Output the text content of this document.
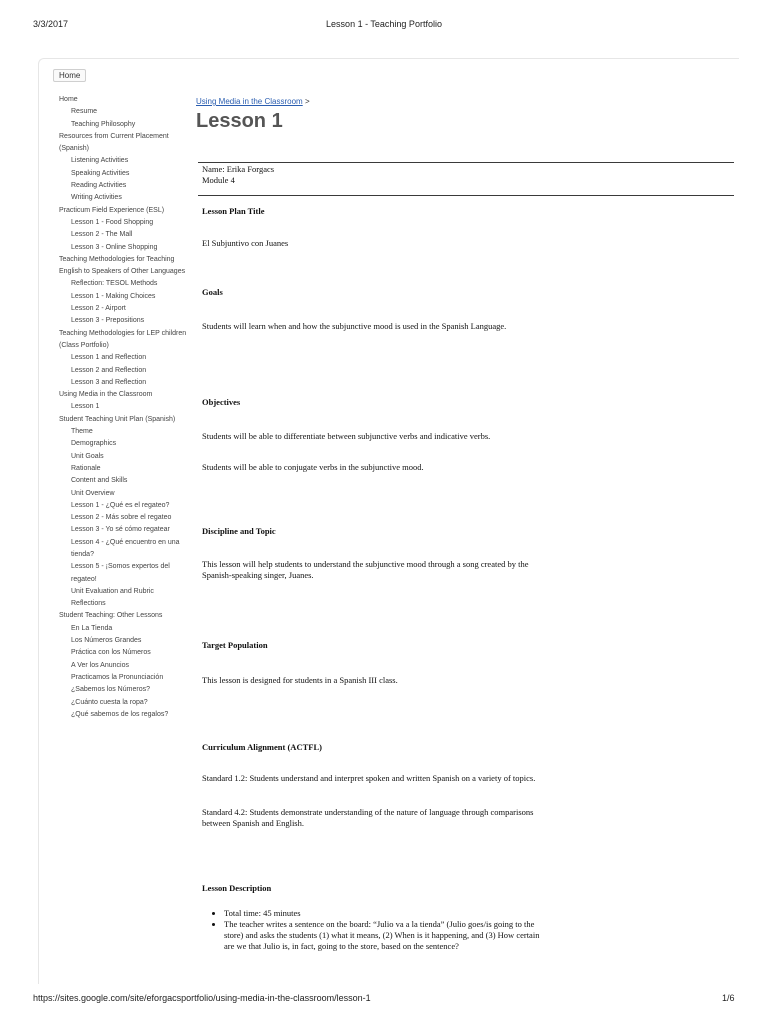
3/3/2017	Lesson 1 - Teaching Portfolio
Home
Home
Resume
Teaching Philosophy
Resources from Current Placement (Spanish)
Listening Activities
Speaking Activities
Reading Activities
Writing Activities
Practicum Field Experience (ESL)
Lesson 1 - Food Shopping
Lesson 2 - The Mall
Lesson 3 - Online Shopping
Teaching Methodologies for Teaching English to Speakers of Other Languages
Reflection: TESOL Methods
Lesson 1 - Making Choices
Lesson 2 - Airport
Lesson 3 - Prepositions
Teaching Methodologies for LEP children (Class Portfolio)
Lesson 1 and Reflection
Lesson 2 and Reflection
Lesson 3 and Reflection
Using Media in the Classroom
Lesson 1
Student Teaching Unit Plan (Spanish)
Theme
Demographics
Unit Goals
Rationale
Content and Skills
Unit Overview
Lesson 1 - ¿Qué es el regateo?
Lesson 2 - Más sobre el regateo
Lesson 3 - Yo sé cómo regatear
Lesson 4 - ¿Qué encuentro en una tienda?
Lesson 5 - ¡Somos expertos del regateo!
Unit Evaluation and Rubric
Reflections
Student Teaching: Other Lessons
En La Tienda
Los Números Grandes
Práctica con los Números
A Ver los Anuncios
Practicamos la Pronunciación
¿Sabemos los Números?
¿Cuánto cuesta la ropa?
¿Qué sabemos de los regalos?
Using Media in the Classroom >
Lesson 1
Name: Erika Forgacs
Module 4
Lesson Plan Title
El Subjuntivo con Juanes
Goals
Students will learn when and how the subjunctive mood is used in the Spanish Language.
Objectives
Students will be able to differentiate between subjunctive verbs and indicative verbs.
Students will be able to conjugate verbs in the subjunctive mood.
Discipline and Topic
This lesson will help students to understand the subjunctive mood through a song created by the Spanish-speaking singer, Juanes.
Target Population
This lesson is designed for students in a Spanish III class.
Curriculum Alignment (ACTFL)
Standard 1.2: Students understand and interpret spoken and written Spanish on a variety of topics.
Standard 4.2: Students demonstrate understanding of the nature of language through comparisons between Spanish and English.
Lesson Description
• Total time: 45 minutes
• The teacher writes a sentence on the board: “Julio va a la tienda” (Julio goes/is going to the store) and asks the students (1) what it means, (2) When is it happening, and (3) How certain are we that Julio is, in fact, going to the store, based on the sentence?
https://sites.google.com/site/eforgacsportfolio/using-media-in-the-classroom/lesson-1	1/6
